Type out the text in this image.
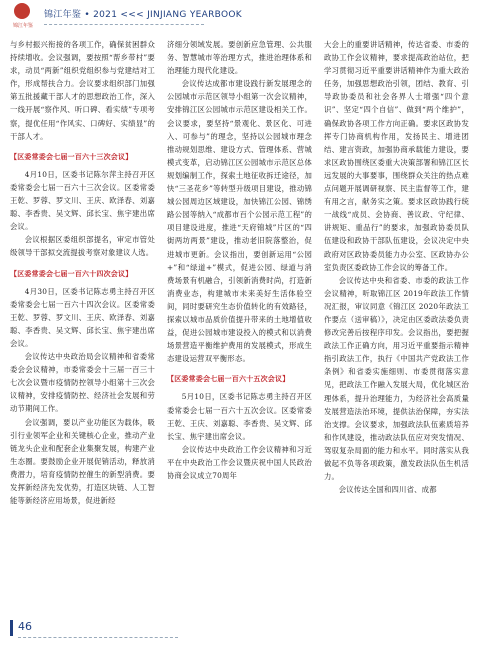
锦江年鉴
锦江年鉴 • 2021 <<< JINJIANG YEARBOOK

与乡村振兴衔接的各项工作，确保贫困群众持续增收。会议强调，要按照“帮乡带村”要求，动员“两新”组织党组织参与党建结对工作，形成帮扶合力。会议要求组织部门加强第五批援藏干部人才的思想政治工作，深入一线开展“察作风、听口碑、看实绩”专项考察，提优任用“作风实、口碑好、实绩显”的干部人才。

【区委常委会七届一百六十三次会议】

4月10日，区委书记陈尔萍主持召开区委常委会七届一百六十三次会议。区委常委王乾、罗蓉、罗文川、王庆、欧泽春、刘嘉聪、李香贵、吴文辉、邱长宝、焦宇建出席会议。

会议根据区委组织部提名，审定市管处级领导干部拟交流提拔考察对象建议人选。

【区委常委会七届一百六十四次会议】

4月30日，区委书记陈志勇主持召开区委常委会七届一百六十四次会议。区委常委王乾、罗蓉、罗文川、王庆、欧泽春、刘嘉聪、李香贵、吴文辉、邱长宝、焦宇建出席会议。

会议传达中央政治局会议精神和省委常委会会议精神，市委常委会十三届一百三十七次会议暨市疫情防控领导小组第十三次会议精神，安排疫情防控、经济社会发展和劳动节期间工作。

会议强调，要以产业功能区为载体，吸引行业领军企业和关键核心企业，推动产业链龙头企业和配套企业集聚发展，构建产业生态圈。要鼓励企业开展促销活动，释放消费潜力，培育疫情防控催生的新型消费。要发挥新经济先发优势，打造区块链、人工智能等新经济应用场景，促进新经

济细分领域发展。要创新应急管理、公共服务、智慧城市等治理方式，推进治理体系和治理能力现代化建设。

会议传达成都市建设践行新发展理念的公园城市示范区领导小组第一次会议精神，安排锦江区公园城市示范区建设相关工作。会议要求，要坚持“景观化、景区化、可进入、可参与”的理念，坚持以公园城市理念推动规划思维、建设方式、管理体系、营城模式变革，启动锦江区公园城市示范区总体规划编制工作，探索土地征收拆迁途径，加快“三圣花乡”等转型升级项目建设，推动锦城公园周边区域建设，加快锦江公园、锦绣路公园等纳入“成都市百个公园示范工程”的项目建设进度，推进“天府锦城”片区的“四街两坊两景”建设，推动老旧院落整治，促进城市更新。会议指出，要创新运用“公园+”和“绿道+”模式，促进公园、绿道与消费场景有机融合，引领新消费时尚，打造新消费业态，构建城市未来美好生活体验空间，同时要研究生态价值转化的有效路径，探索以城市品质价值提升带来的土地增值收益，促进公园城市建设投入的模式和以消费场景营造平衡维护费用的发展模式，形成生态建设运营双平衡形态。

【区委常委会七届一百六十五次会议】

5月10日，区委书记陈志勇主持召开区委常委会七届一百六十五次会议。区委常委王乾、王庆、刘嘉聪、李香贵、吴文辉、邱长宝、焦宇建出席会议。

会议传达中央政治工作会议精神和习近平在中央政治工作会议暨庆祝中国人民政治协商会议成立70周年

大会上的重要讲话精神，传达省委、市委的政协工作会议精神，要求提高政治站位，把学习贯彻习近平重要讲话精神作为重大政治任务，加强思想政治引领，团结、教育、引导政协委员和社会各界人士增强“四个意识”、坚定“四个自信”、做到“两个维护”，确保政协各项工作方向正确。要求区政协发挥专门协商机构作用，发扬民主、增进团结、建言资政，加强协商承载能力建设，要求区政协围绕区委重大决策部署和锦江区长远发展的大事要事，围绕群众关注的热点难点问题开展调研视察、民主监督等工作，建有用之言，献务实之策。要求区政协践行统一战线“成员、会协商、善议政、守纪律、讲规矩、重品行”的要求，加强政协委员队伍建设和政协干部队伍建设，会议决定中央政府对区政协委员能力办公室、区政协办公室负责区委政协工作会议的筹备工作。

会议传达中央和省委、市委的政法工作会议精神，听取锦江区 2019年政法工作情况汇报，审议同意《锦江区 2020年政法工作要点（送审稿）》，决定由区委政法委负责修改完善后按程序印发。会议指出，要把握政法工作正确方向，用习近平重要指示精神指引政法工作，执行《中国共产党政法工作条例》和省委实施细则、市委贯彻落实意见，把政法工作融入发展大局，优化城区治理体系，提升治理能力，为经济社会高质量发展营造法治环境，提供法治保障，夯实法治支撑。会议要求，加强政法队伍素质培养和作风建设，推动政法队伍应对突发情况、驾驭复杂局面的能力和水平。同时落实从我做起不负等各项政策，激发政法队伍生机活力。

会议传达全国和四川省、成都

46
